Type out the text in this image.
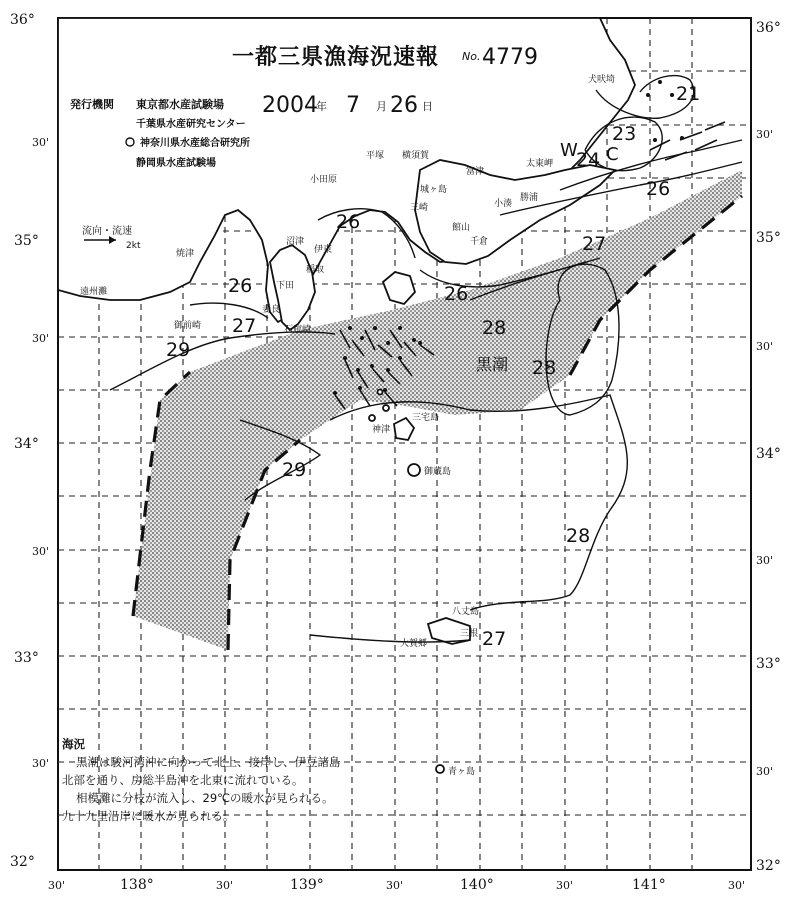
一都三県漁海況速報 No. 4779
発行機関 東京都水産試験場
千葉県水産研究センター
神奈川県水産総合研究所
静岡県水産試験場
2004
年 7 月 26 日
流向・流速
2kt
36°
30'
35°
30'
34°
30'
33°
30'
32°
36°
30'
35°
30'
34°
30'
33°
30'
32°
30'	138°	30'	139°	30'	140°	30'	141°	30'
21
23
24
26
26
26
26
27
27	28
28
28
29
29
27
黒潮
犬吠埼
太東岬
平塚 横須賀
富津
小田原
城ヶ島
三崎
館山
千倉
勝浦
小湊
沼津
伊東
稲取
下田
妻良
焼津
遠州灘
御前崎	石廊崎
三宅島
神津
御蔵島
八丈島
大賀郷
三根
青ヶ島
W C
海況
黒潮は駿河湾沖に向かって北上、接岸し、伊豆諸島
北部を通り、房総半島沖を北東に流れている。
相模灘に分枝が流入し、29℃の暖水が見られる。
九十九里沿岸に暖水が見られる。
